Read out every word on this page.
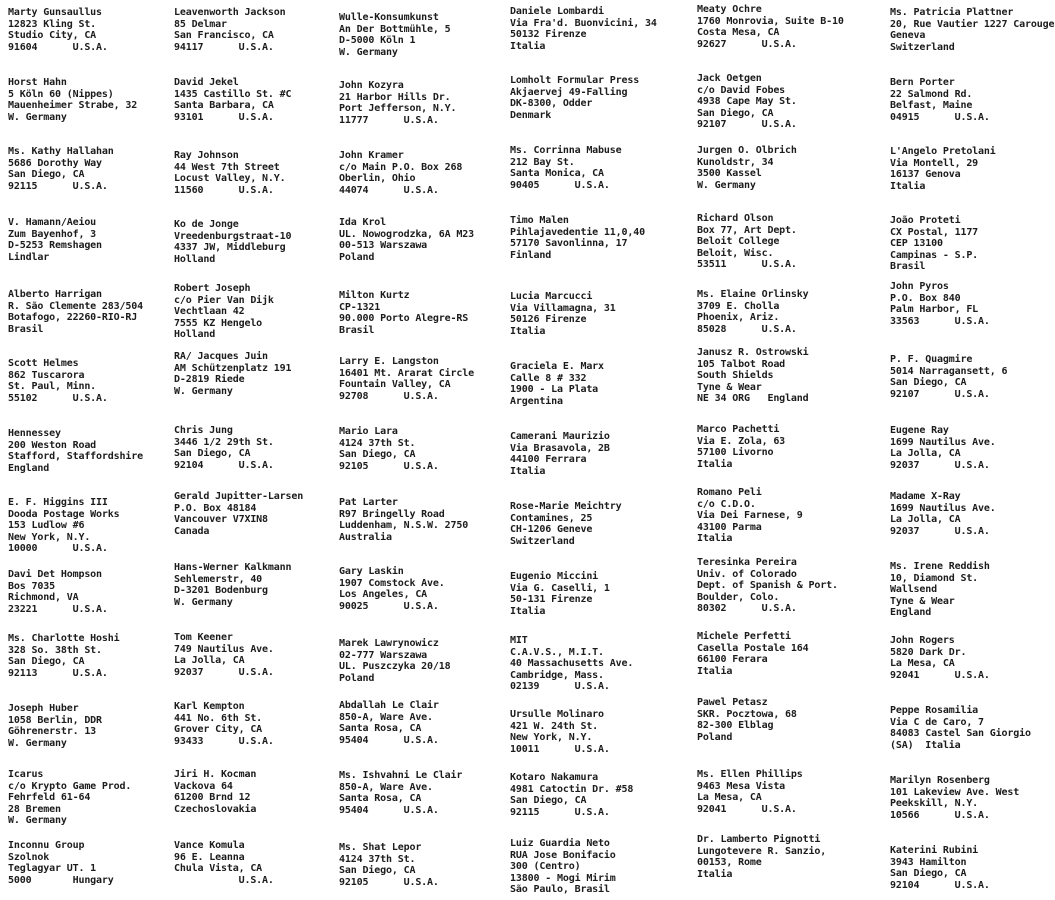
Marty Gunsaullus
12823 Kling St.
Studio City, CA
91604      U.S.A.
Horst Hahn
5 Köln 60 (Nippes)
Mauenheimer Strabe, 32
W. Germany
Ms. Kathy Hallahan
5686 Dorothy Way
San Diego, CA
92115      U.S.A.
V. Hamann/Aeiou
Zum Bayenhof, 3
D-5253 Remshagen
Lindlar
Alberto Harrigan
R. São Clemente 283/504
Botafogo, 22260-RIO-RJ
Brasil
Scott Helmes
862 Tuscarora
St. Paul, Minn.
55102      U.S.A.
Hennessey
200 Weston Road
Stafford, Staffordshire
England
E. F. Higgins III
Dooda Postage Works
153 Ludlow #6
New York, N.Y.
10000      U.S.A.
Davi Det Hompson
Bos 7035
Richmond, VA
23221      U.S.A.
Ms. Charlotte Hoshi
328 So. 38th St.
San Diego, CA
92113      U.S.A.
Joseph Huber
1058 Berlin, DDR
Göhrenerstr. 13
W. Germany
Icarus
c/o Krypto Game Prod.
Fehrfeld 61-64
28 Bremen
W. Germany
Inconnu Group
Szolnok
Teglagyar UT. 1
5000       Hungary
Leavenworth Jackson
85 Delmar
San Francisco, CA
94117      U.S.A.
David Jekel
1435 Castillo St. #C
Santa Barbara, CA
93101      U.S.A.
Ray Johnson
44 West 7th Street
Locust Valley, N.Y.
11560      U.S.A.
Ko de Jonge
Vreedenburgstraat-10
4337 JW, Middleburg
Holland
Robert Joseph
c/o Pier Van Dijk
Vechtlaan 42
7555 KZ Hengelo
Holland
RA/ Jacques Juin
AM Schützenplatz 191
D-2819 Riede
W. Germany
Chris Jung
3446 1/2 29th St.
San Diego, CA
92104      U.S.A.
Gerald Jupitter-Larsen
P.O. Box 48184
Vancouver V7XIN8
Canada
Hans-Werner Kalkmann
Sehlemerstr, 40
D-3201 Bodenburg
W. Germany
Tom Keener
749 Nautilus Ave.
La Jolla, CA
92037      U.S.A.
Karl Kempton
441 No. 6th St.
Grover City, CA
93433      U.S.A.
Jiri H. Kocman
Vackova 64
61200 Brnd 12
Czechoslovakia
Vance Komula
96 E. Leanna
Chula Vista, CA
U.S.A.
Wulle-Konsumkunst
An Der Bottmühle, 5
D-5000 Köln 1
W. Germany
John Kozyra
21 Harbor Hills Dr.
Port Jefferson, N.Y.
11777      U.S.A.
John Kramer
c/o Main P.O. Box 268
Oberlin, Ohio
44074      U.S.A.
Ida Krol
UL. Nowogrodzka, 6A M23
00-513 Warszawa
Poland
Milton Kurtz
CP-1321
90.000 Porto Alegre-RS
Brasil
Larry E. Langston
16401 Mt. Ararat Circle
Fountain Valley, CA
92708      U.S.A.
Mario Lara
4124 37th St.
San Diego, CA
92105      U.S.A.
Pat Larter
R97 Bringelly Road
Luddenham, N.S.W. 2750
Australia
Gary Laskin
1907 Comstock Ave.
Los Angeles, CA
90025      U.S.A.
Marek Lawrynowicz
02-777 Warszawa
UL. Puszczyka 20/18
Poland
Abdallah Le Clair
850-A, Ware Ave.
Santa Rosa, CA
95404      U.S.A.
Ms. Ishvahni Le Clair
850-A, Ware Ave.
Santa Rosa, CA
95404      U.S.A.
Ms. Shat Lepor
4124 37th St.
San Diego, CA
92105      U.S.A.
Daniele Lombardi
Via Fra'd. Buonvicini, 34
50132 Firenze
Italia
Lomholt Formular Press
Akjaervej 49-Falling
DK-8300, Odder
Denmark
Ms. Corrinna Mabuse
212 Bay St.
Santa Monica, CA
90405      U.S.A.
Timo Malen
Pihlajavedentie 11,0,40
57170 Savonlinna, 17
Finland
Lucia Marcucci
Via Villamagna, 31
50126 Firenze
Italia
Graciela E. Marx
Calle 8 # 332
1900 - La Plata
Argentina
Camerani Maurizio
Via Brasavola, 2B
44100 Ferrara
Italia
Rose-Marie Meichtry
Contamines, 25
CH-1206 Geneve
Switzerland
Eugenio Miccini
Via G. Caselli, 1
50-131 Firenze
Italia
MIT
C.A.V.S., M.I.T.
40 Massachusetts Ave.
Cambridge, Mass.
02139      U.S.A.
Ursulle Molinaro
421 W. 24th St.
New York, N.Y.
10011      U.S.A.
Kotaro Nakamura
4981 Catoctin Dr. #58
San Diego, CA
92115      U.S.A.
Luiz Guardia Neto
RUA Jose Bonifacio
300 (Centro)
13800 - Mogi Mirim
São Paulo, Brasil
Meaty Ochre
1760 Monrovia, Suite B-10
Costa Mesa, CA
92627      U.S.A.
Jack Oetgen
c/o David Fobes
4938 Cape May St.
San Diego, CA
92107      U.S.A.
Jurgen O. Olbrich
Kunoldstr, 34
3500 Kassel
W. Germany
Richard Olson
Box 77, Art Dept.
Beloit College
Beloit, Wisc.
53511      U.S.A.
Ms. Elaine Orlinsky
3709 E. Cholla
Phoenix, Ariz.
85028      U.S.A.
Janusz R. Ostrowski
105 Talbot Road
South Shields
Tyne & Wear
NE 34 ORG   England
Marco Pachetti
Via E. Zola, 63
57100 Livorno
Italia
Romano Peli
c/o C.D.O.
Via Dei Farnese, 9
43100 Parma
Italia
Teresinka Pereira
Univ. of Colorado
Dept. of Spanish & Port.
Boulder, Colo.
80302      U.S.A.
Michele Perfetti
Casella Postale 164
66100 Ferara
Italia
Pawel Petasz
SKR. Pocztowa, 68
82-300 Elblag
Poland
Ms. Ellen Phillips
9463 Mesa Vista
La Mesa, CA
92041      U.S.A.
Dr. Lamberto Pignotti
Lungotevere R. Sanzio,
00153, Rome
Italia
Ms. Patricia Plattner
20, Rue Vautier 1227 Carouge
Geneva
Switzerland
Bern Porter
22 Salmond Rd.
Belfast, Maine
04915      U.S.A.
L'Angelo Pretolani
Via Montell, 29
16137 Genova
Italia
João Proteti
CX Postal, 1177
CEP 13100
Campinas - S.P.
Brasil
John Pyros
P.O. Box 840
Palm Harbor, FL
33563      U.S.A.
P. F. Quagmire
5014 Narragansett, 6
San Diego, CA
92107      U.S.A.
Eugene Ray
1699 Nautilus Ave.
La Jolla, CA
92037      U.S.A.
Madame X-Ray
1699 Nautilus Ave.
La Jolla, CA
92037      U.S.A.
Ms. Irene Reddish
10, Diamond St.
Wallsend
Tyne & Wear
England
John Rogers
5820 Dark Dr.
La Mesa, CA
92041      U.S.A.
Peppe Rosamilia
Via C de Caro, 7
84083 Castel San Giorgio
(SA)  Italia
Marilyn Rosenberg
101 Lakeview Ave. West
Peekskill, N.Y.
10566      U.S.A.
Katerini Rubini
3943 Hamilton
San Diego, CA
92104      U.S.A.
